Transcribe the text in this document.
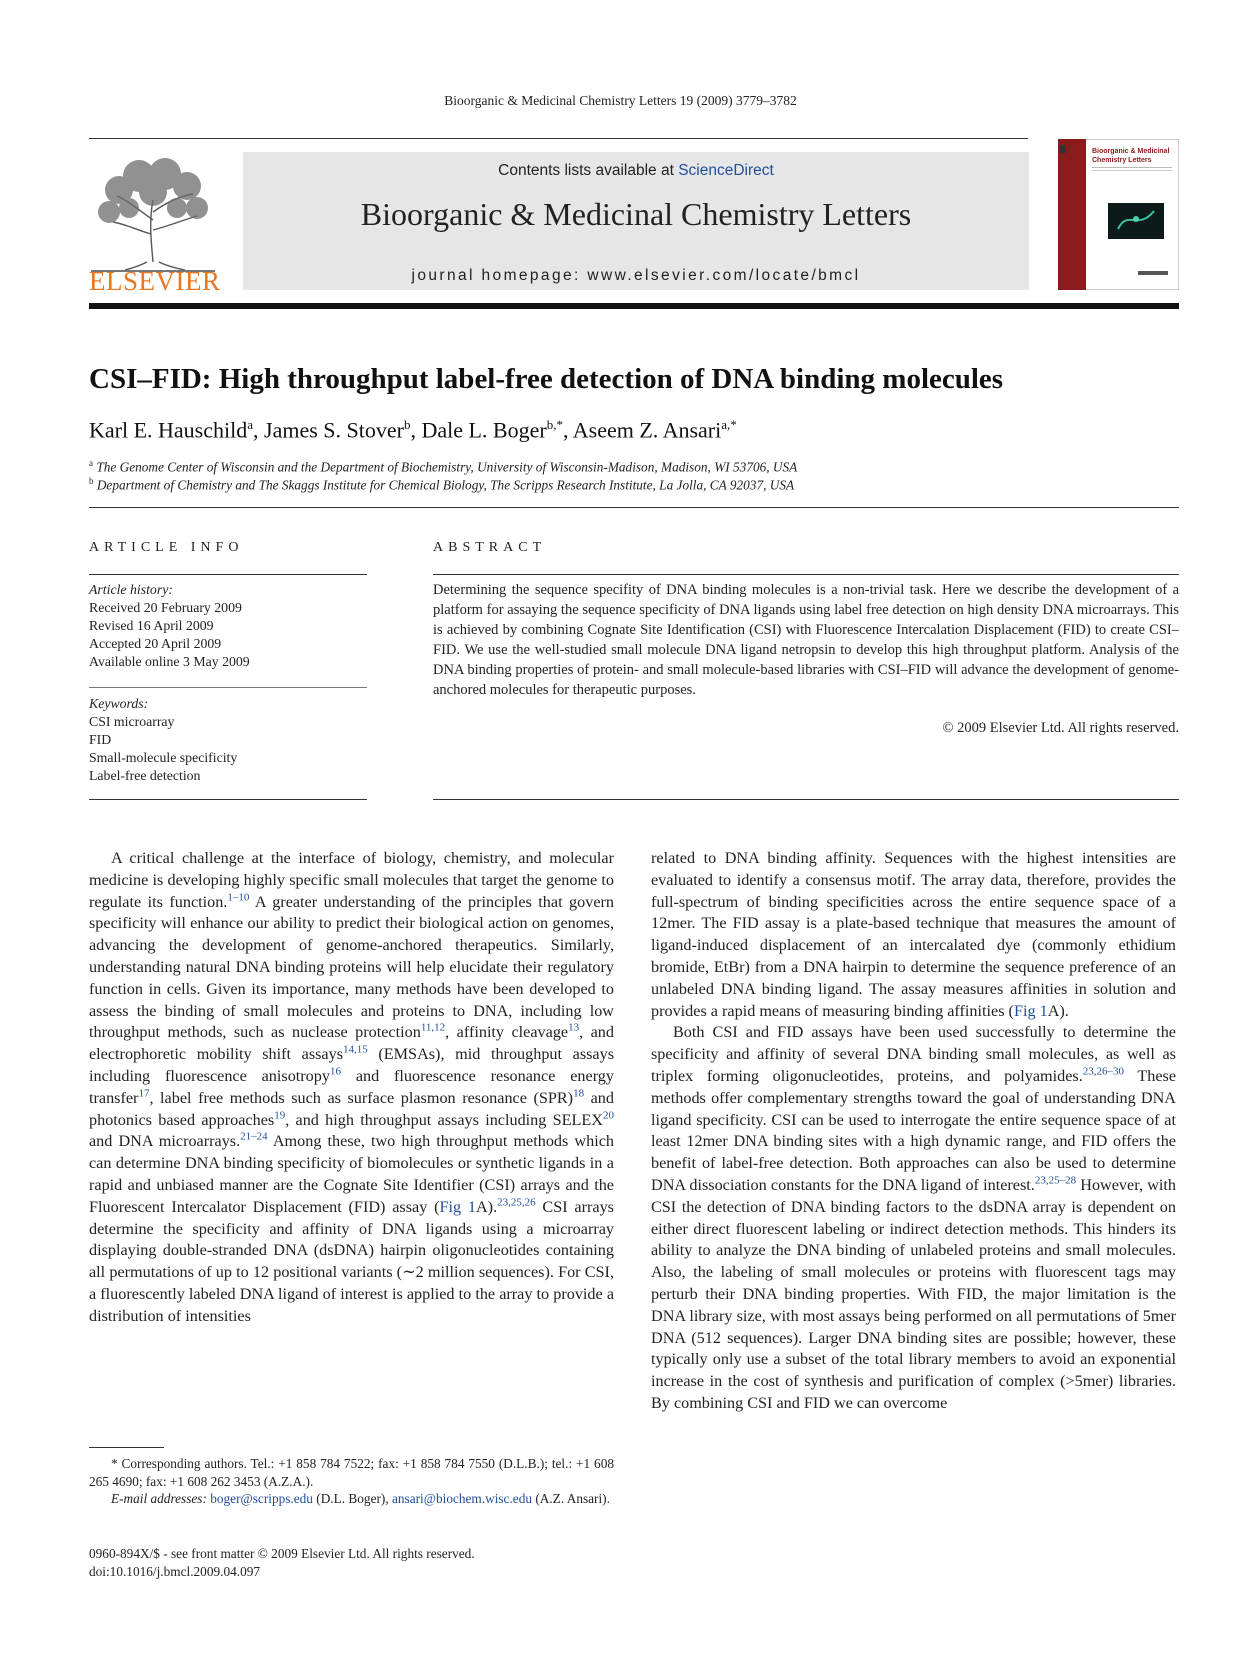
Bioorganic & Medicinal Chemistry Letters 19 (2009) 3779–3782
ELSEVIER
Contents lists available at ScienceDirect
Bioorganic & Medicinal Chemistry Letters
journal homepage: www.elsevier.com/locate/bmcl
Bioorganic & Medicinal
Chemistry Letters
CSI–FID: High throughput label-free detection of DNA binding molecules
Karl E. Hauschild$^a$, James S. Stover$^b$, Dale L. Boger$^{b,*}$, Aseem Z. Ansari$^{a,*}$
$^a$ The Genome Center of Wisconsin and the Department of Biochemistry, University of Wisconsin-Madison, Madison, WI 53706, USA
$^b$ Department of Chemistry and The Skaggs Institute for Chemical Biology, The Scripps Research Institute, La Jolla, CA 92037, USA
ARTICLE INFO
Article history:
Received 20 February 2009
Revised 16 April 2009
Accepted 20 April 2009
Available online 3 May 2009
Keywords:
CSI microarray
FID
Small-molecule specificity
Label-free detection
ABSTRACT
Determining the sequence specifity of DNA binding molecules is a non-trivial task. Here we describe the development of a platform for assaying the sequence specificity of DNA ligands using label free detection on high density DNA microarrays. This is achieved by combining Cognate Site Identification (CSI) with Fluorescence Intercalation Displacement (FID) to create CSI–FID. We use the well-studied small molecule DNA ligand netropsin to develop this high throughput platform. Analysis of the DNA binding properties of protein- and small molecule-based libraries with CSI–FID will advance the development of genome-anchored molecules for therapeutic purposes.
© 2009 Elsevier Ltd. All rights reserved.

A critical challenge at the interface of biology, chemistry, and molecular medicine is developing highly specific small molecules that target the genome to regulate its function.$^{1-10}$ A greater understanding of the principles that govern specificity will enhance our ability to predict their biological action on genomes, advancing the development of genome-anchored therapeutics. Similarly, understanding natural DNA binding proteins will help elucidate their regulatory function in cells. Given its importance, many methods have been developed to assess the binding of small molecules and proteins to DNA, including low throughput methods, such as nuclease protection$^{11,12}$, affinity cleavage$^{13}$, and electrophoretic mobility shift assays$^{14,15}$ (EMSAs), mid throughput assays including fluorescence anisotropy$^{16}$ and fluorescence resonance energy transfer$^{17}$, label free methods such as surface plasmon resonance (SPR)$^{18}$ and photonics based approaches$^{19}$, and high throughput assays including SELEX$^{20}$ and DNA microarrays.$^{21-24}$ Among these, two high throughput methods which can determine DNA binding specificity of biomolecules or synthetic ligands in a rapid and unbiased manner are the Cognate Site Identifier (CSI) arrays and the Fluorescent Intercalator Displacement (FID) assay (Fig 1A).$^{23,25,26}$ CSI arrays determine the specificity and affinity of DNA ligands using a microarray displaying double-stranded DNA (dsDNA) hairpin oligonucleotides containing all permutations of up to 12 positional variants (∼2 million sequences). For CSI, a fluorescently labeled DNA ligand of interest is applied to the array to provide a distribution of intensities

related to DNA binding affinity. Sequences with the highest intensities are evaluated to identify a consensus motif. The array data, therefore, provides the full-spectrum of binding specificities across the entire sequence space of a 12mer. The FID assay is a plate-based technique that measures the amount of ligand-induced displacement of an intercalated dye (commonly ethidium bromide, EtBr) from a DNA hairpin to determine the sequence preference of an unlabeled DNA binding ligand. The assay measures affinities in solution and provides a rapid means of measuring binding affinities (Fig 1A).

Both CSI and FID assays have been used successfully to determine the specificity and affinity of several DNA binding small molecules, as well as triplex forming oligonucleotides, proteins, and polyamides.$^{23,26-30}$ These methods offer complementary strengths toward the goal of understanding DNA ligand specificity. CSI can be used to interrogate the entire sequence space of at least 12mer DNA binding sites with a high dynamic range, and FID offers the benefit of label-free detection. Both approaches can also be used to determine DNA dissociation constants for the DNA ligand of interest.$^{23,25-28}$ However, with CSI the detection of DNA binding factors to the dsDNA array is dependent on either direct fluorescent labeling or indirect detection methods. This hinders its ability to analyze the DNA binding of unlabeled proteins and small molecules. Also, the labeling of small molecules or proteins with fluorescent tags may perturb their DNA binding properties. With FID, the major limitation is the DNA library size, with most assays being performed on all permutations of 5mer DNA (512 sequences). Larger DNA binding sites are possible; however, these typically only use a subset of the total library members to avoid an exponential increase in the cost of synthesis and purification of complex (>5mer) libraries. By combining CSI and FID we can overcome

* Corresponding authors. Tel.: +1 858 784 7522; fax: +1 858 784 7550 (D.L.B.); tel.: +1 608 265 4690; fax: +1 608 262 3453 (A.Z.A.).
E-mail addresses: boger@scripps.edu (D.L. Boger), ansari@biochem.wisc.edu (A.Z. Ansari).
0960-894X/$ - see front matter © 2009 Elsevier Ltd. All rights reserved.
doi:10.1016/j.bmcl.2009.04.097
